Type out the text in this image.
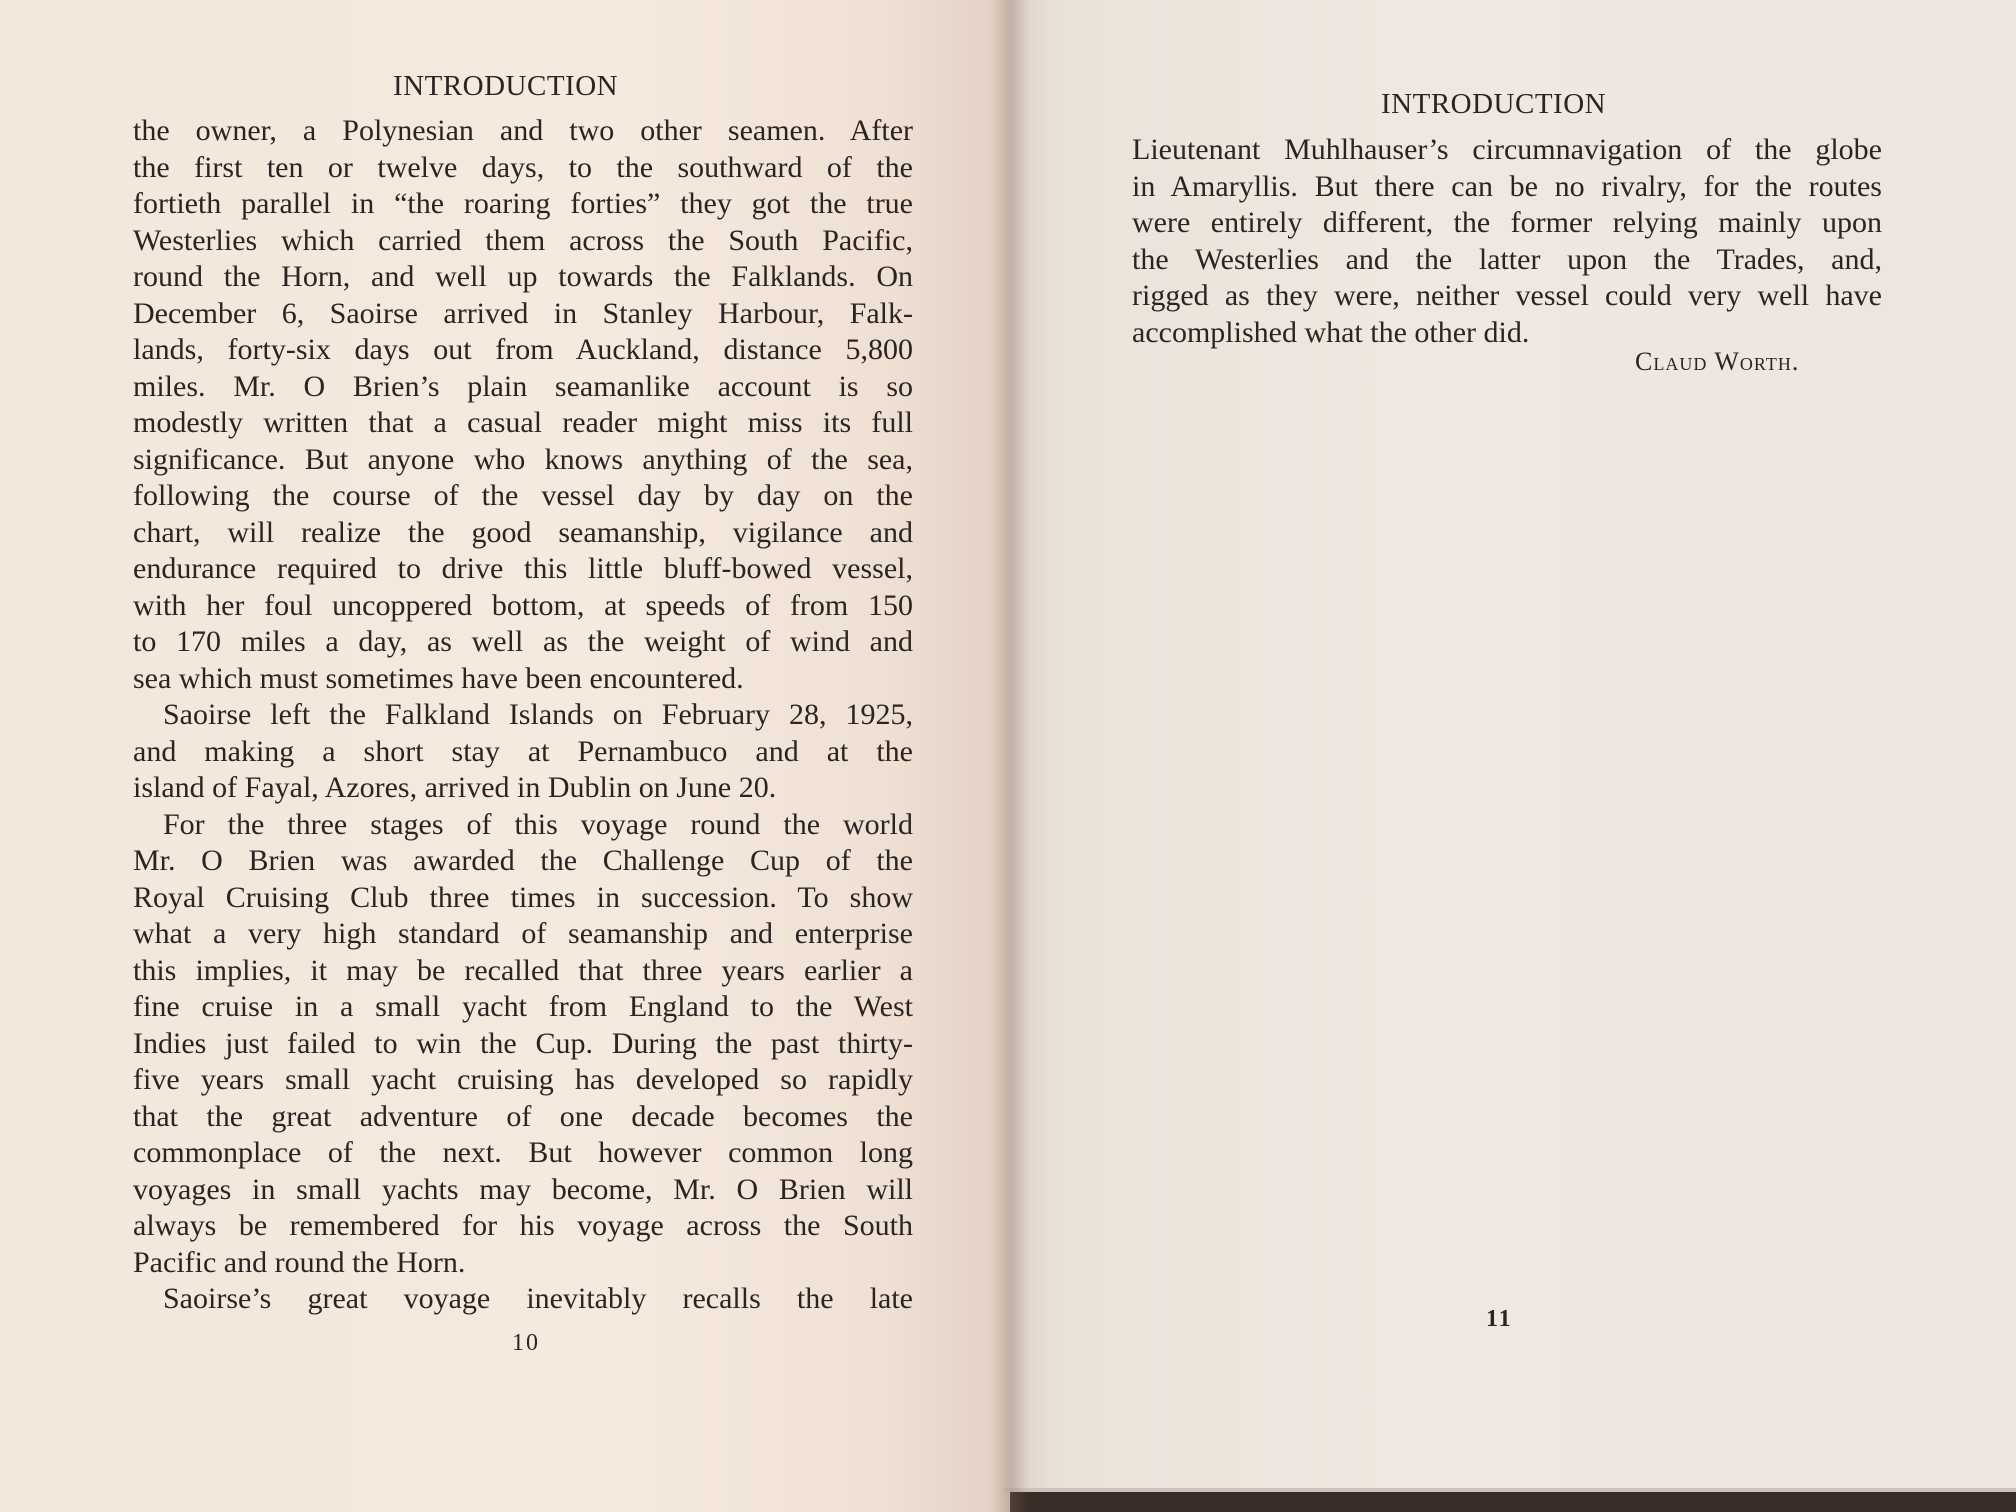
INTRODUCTION
the owner, a Polynesian and two other seamen. After
the first ten or twelve days, to the southward of the
fortieth parallel in “the roaring forties” they got the true
Westerlies which carried them across the South Pacific,
round the Horn, and well up towards the Falklands. On
December 6, Saoirse arrived in Stanley Harbour, Falk-
lands, forty-six days out from Auckland, distance 5,800
miles. Mr. O Brien’s plain seamanlike account is so
modestly written that a casual reader might miss its full
significance. But anyone who knows anything of the sea,
following the course of the vessel day by day on the
chart, will realize the good seamanship, vigilance and
endurance required to drive this little bluff-bowed vessel,
with her foul uncoppered bottom, at speeds of from 150
to 170 miles a day, as well as the weight of wind and
sea which must sometimes have been encountered.
Saoirse left the Falkland Islands on February 28, 1925,
and making a short stay at Pernambuco and at the
island of Fayal, Azores, arrived in Dublin on June 20.
For the three stages of this voyage round the world
Mr. O Brien was awarded the Challenge Cup of the
Royal Cruising Club three times in succession. To show
what a very high standard of seamanship and enterprise
this implies, it may be recalled that three years earlier a
fine cruise in a small yacht from England to the West
Indies just failed to win the Cup. During the past thirty-
five years small yacht cruising has developed so rapidly
that the great adventure of one decade becomes the
commonplace of the next. But however common long
voyages in small yachts may become, Mr. O Brien will
always be remembered for his voyage across the South
Pacific and round the Horn.
Saoirse’s great voyage inevitably recalls the late
10
INTRODUCTION
Lieutenant Muhlhauser’s circumnavigation of the globe
in Amaryllis. But there can be no rivalry, for the routes
were entirely different, the former relying mainly upon
the Westerlies and the latter upon the Trades, and,
rigged as they were, neither vessel could very well have
accomplished what the other did.
Claud Worth.
11
